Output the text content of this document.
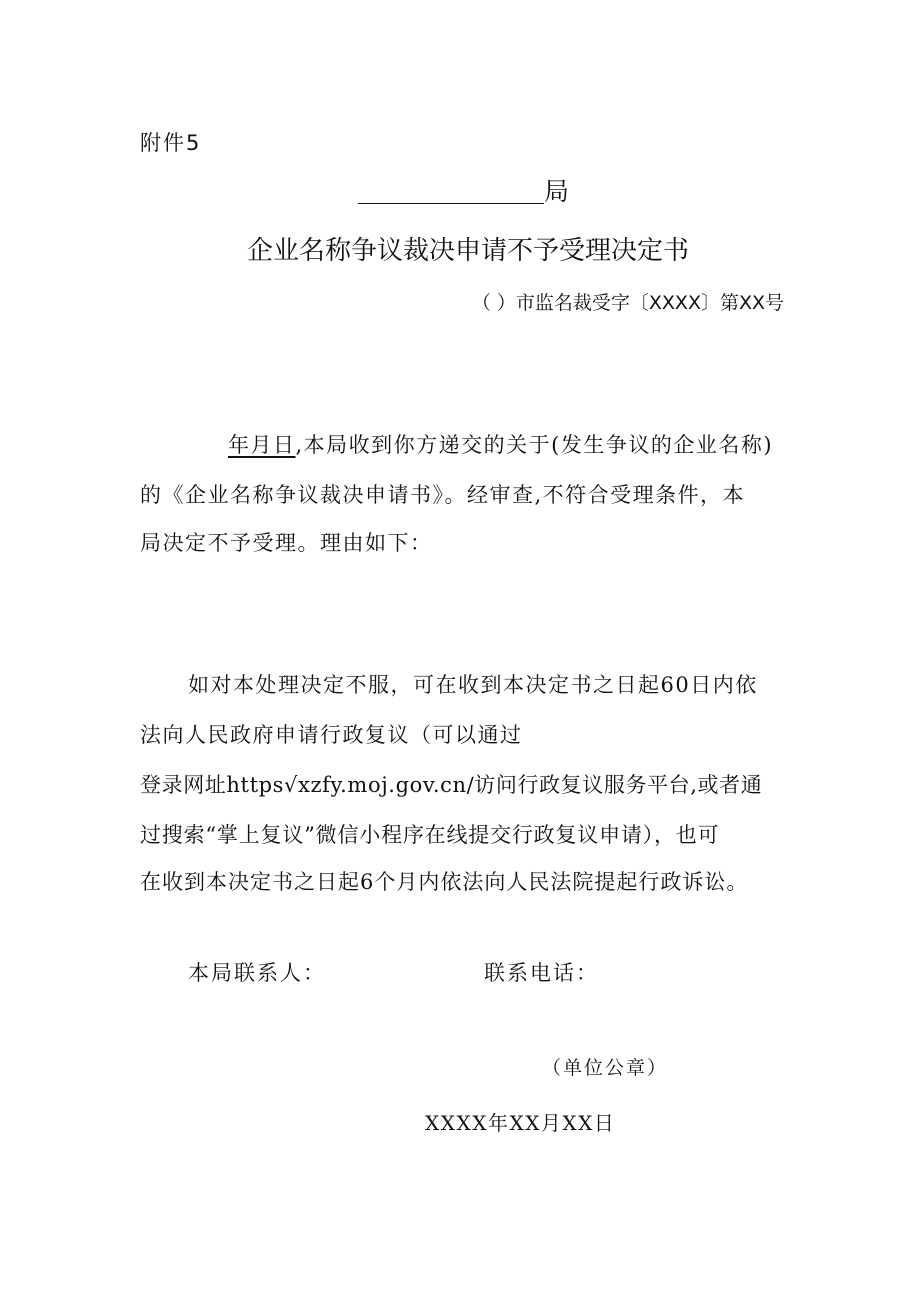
附件5
局
企业名称争议裁决申请不予受理决定书
（ ）市监名裁受字〔XXXX〕第XX号
年月日,本局收到你方递交的关于(发生争议的企业名称)
的《企业名称争议裁决申请书》。经审查,不符合受理条件，本
局决定不予受理。理由如下：
如对本处理决定不服，可在收到本决定书之日起60日内依
法向人民政府申请行政复议（可以通过
登录网址https√xzfy.moj.gov.cn∕访问行政复议服务平台,或者通
过搜索“掌上复议”微信小程序在线提交行政复议申请），也可
在收到本决定书之日起6个月内依法向人民法院提起行政诉讼。
本局联系人：	联系电话：
（单位公章）
XXXX年XX月XX日
